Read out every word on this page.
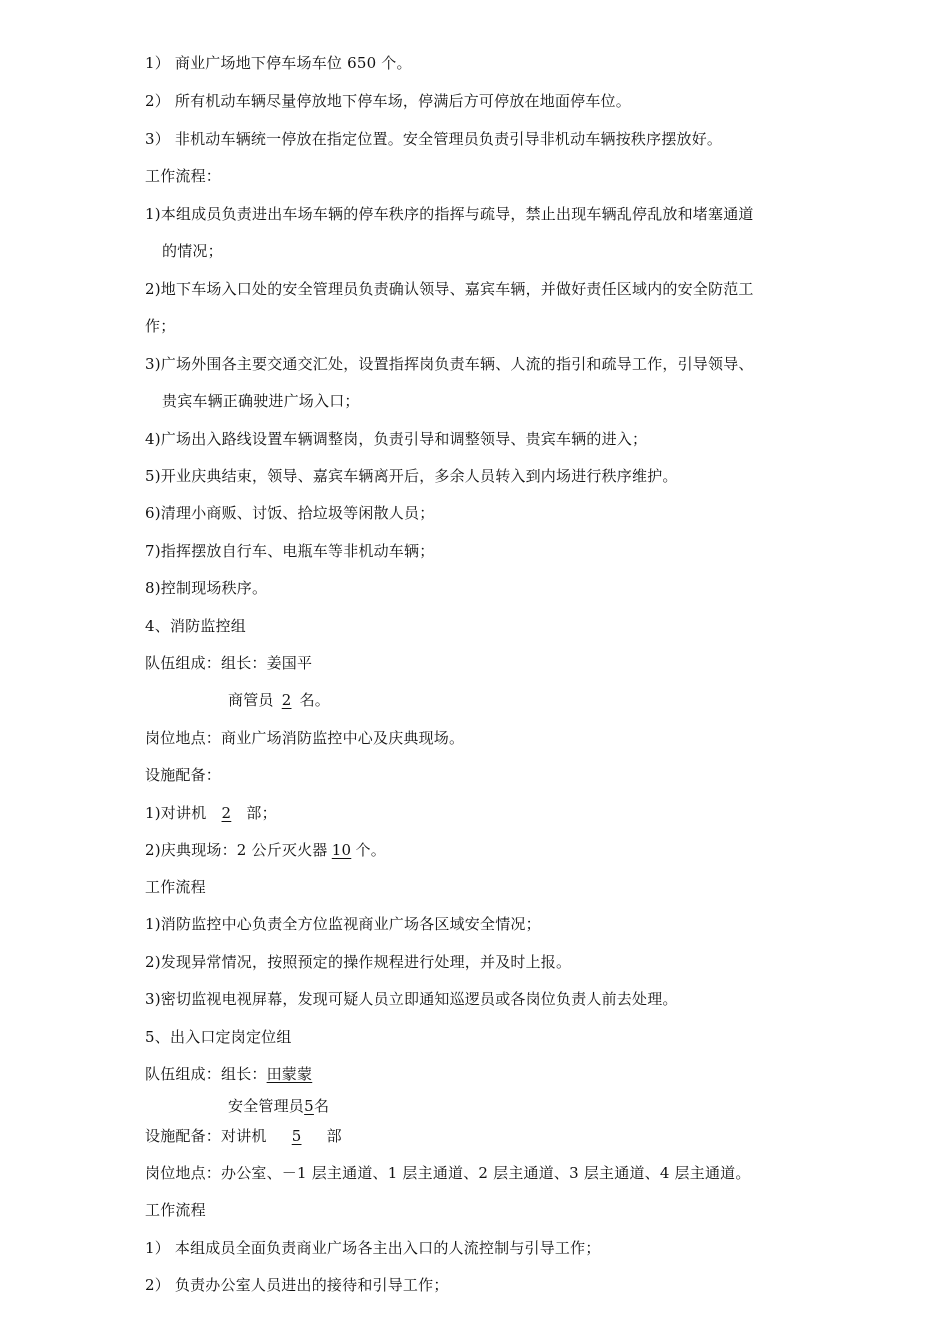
1） 商业广场地下停车场车位 650 个。
2） 所有机动车辆尽量停放地下停车场，停满后方可停放在地面停车位。
3） 非机动车辆统一停放在指定位置。安全管理员负责引导非机动车辆按秩序摆放好。
工作流程：
1)本组成员负责进出车场车辆的停车秩序的指挥与疏导，禁止出现车辆乱停乱放和堵塞通道
的情况；
2)地下车场入口处的安全管理员负责确认领导、嘉宾车辆，并做好责任区域内的安全防范工
作；
3)广场外围各主要交通交汇处，设置指挥岗负责车辆、人流的指引和疏导工作，引导领导、
贵宾车辆正确驶进广场入口；
4)广场出入路线设置车辆调整岗，负责引导和调整领导、贵宾车辆的进入；
5)开业庆典结束，领导、嘉宾车辆离开后，多余人员转入到内场进行秩序维护。
6)清理小商贩、讨饭、拾垃圾等闲散人员；
7)指挥摆放自行车、电瓶车等非机动车辆；
8)控制现场秩序。
4、消防监控组
队伍组成：组长：姜国平
商管员 2 名。
岗位地点：商业广场消防监控中心及庆典现场。
设施配备：
1)对讲机 2 部；
2)庆典现场：2 公斤灭火器 10 个。
工作流程
1)消防监控中心负责全方位监视商业广场各区域安全情况；
2)发现异常情况，按照预定的操作规程进行处理，并及时上报。
3)密切监视电视屏幕，发现可疑人员立即通知巡逻员或各岗位负责人前去处理。
5、出入口定岗定位组
队伍组成：组长：田蒙蒙
安全管理员5名
设施配备：对讲机 5 部
岗位地点：办公室、－1 层主通道、1 层主通道、2 层主通道、3 层主通道、4 层主通道。
工作流程
1） 本组成员全面负责商业广场各主出入口的人流控制与引导工作；
2） 负责办公室人员进出的接待和引导工作；
